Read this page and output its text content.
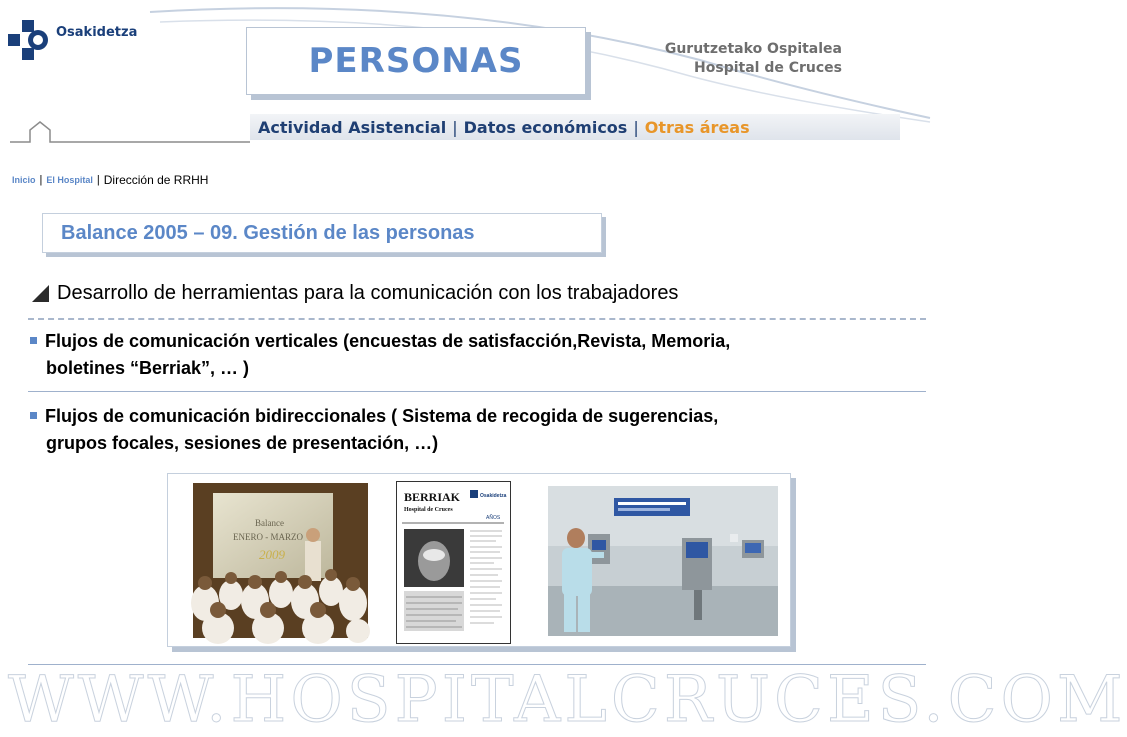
Osakidetza
PERSONAS	Gurutzetako Ospitalea
Hospital de Cruces
Actividad Asistencial | Datos económicos | Otras áreas
Inicio | El Hospital | Dirección de RRHH
Balance 2005 – 09. Gestión de las personas
Desarrollo de herramientas para la comunicación con los trabajadores
Flujos de comunicación verticales (encuestas de satisfacción,Revista, Memoria,
boletines “Berriak”, … )
Flujos de comunicación bidireccionales ( Sistema de recogida de sugerencias,
grupos focales, sesiones de presentación, …)
Balance
ENERO - MARZO
2009
BERRIAK
Hospital de Cruces
Osakidetza
AÑOS
WWW.HOSPITALCRUCES.COM
